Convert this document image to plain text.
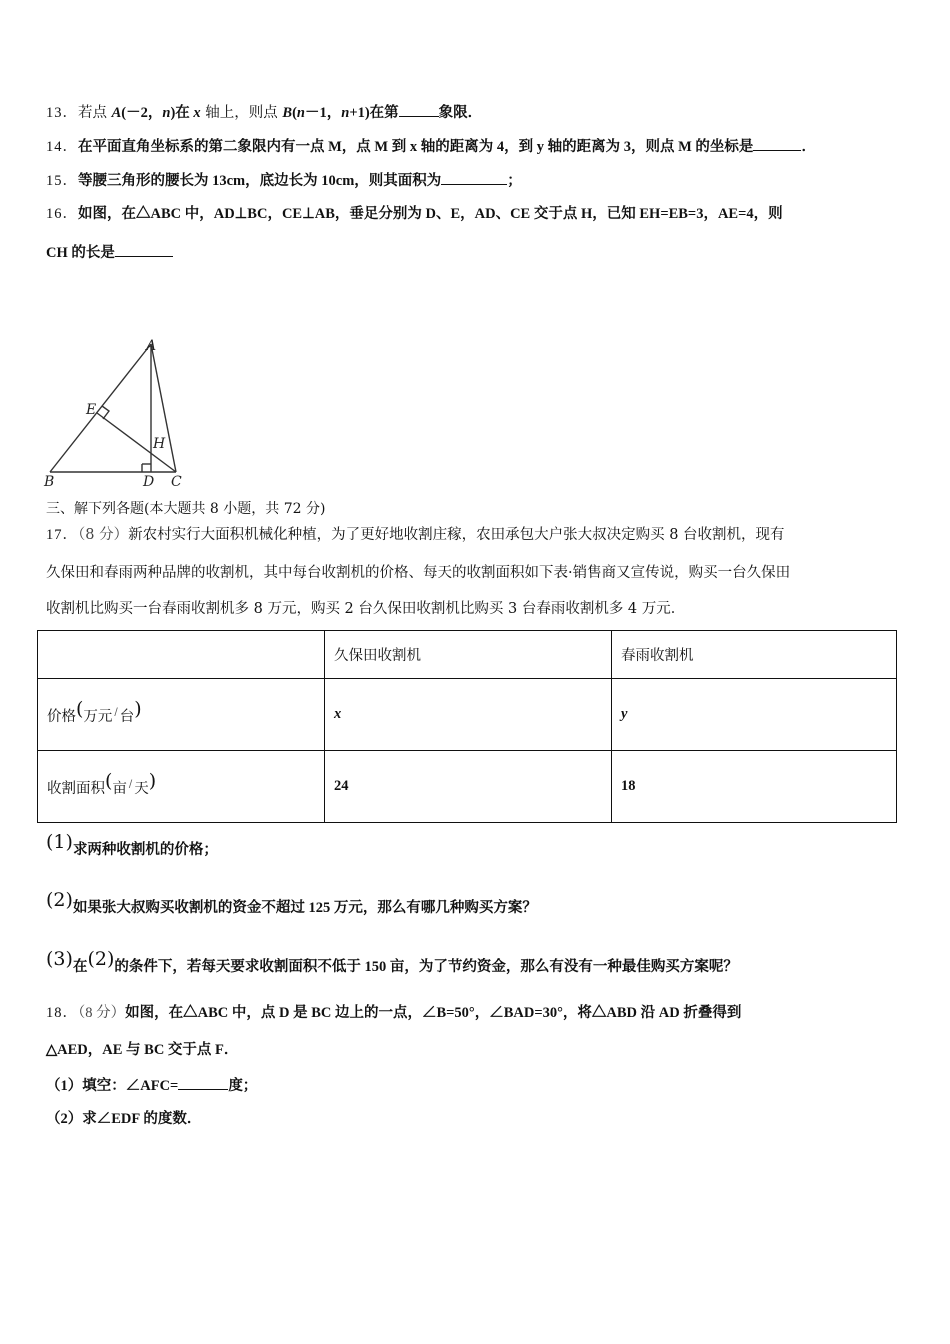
13．若点 A(－2，n)在 x 轴上，则点 B(n－1，n+1)在第	象限．
14．在平面直角坐标系的第二象限内有一点 M，点 M 到 x 轴的距离为 4，到 y 轴的距离为 3，则点 M 的坐标是	．
15．等腰三角形的腰长为 13cm，底边长为 10cm，则其面积为	；
16．如图，在△ABC 中，AD⊥BC，CE⊥AB，垂足分别为 D、E，AD、CE 交于点 H，已知 EH=EB=3，AE=4，则
CH 的长是
A
B	C
D
E
H
三、解下列各题(本大题共 8 小题，共 72 分)
17．（8 分）新农村实行大面积机械化种植，为了更好地收割庄稼，农田承包大户张大叔决定购买 8 台收割机，现有
久保田和春雨两种品牌的收割机，其中每台收割机的价格、每天的收割面积如下表·销售商又宣传说，购买一台久保田
收割机比购买一台春雨收割机多 8 万元，购买 2 台久保田收割机比购买 3 台春雨收割机多 4 万元．
	久保田收割机	春雨收割机
价格(万元 / 台)	x	y
收割面积(亩 / 天)	24	18
(1)求两种收割机的价格；
(2)如果张大叔购买收割机的资金不超过 125 万元，那么有哪几种购买方案？
(3)在(2)的条件下，若每天要求收割面积不低于 150 亩，为了节约资金，那么有没有一种最佳购买方案呢？
18．（8 分）如图，在△ABC 中，点 D 是 BC 边上的一点，∠B=50°，∠BAD=30°，将△ABD 沿 AD 折叠得到
△AED，AE 与 BC 交于点 F．
（1）填空：∠AFC=	度；
（2）求∠EDF 的度数．
